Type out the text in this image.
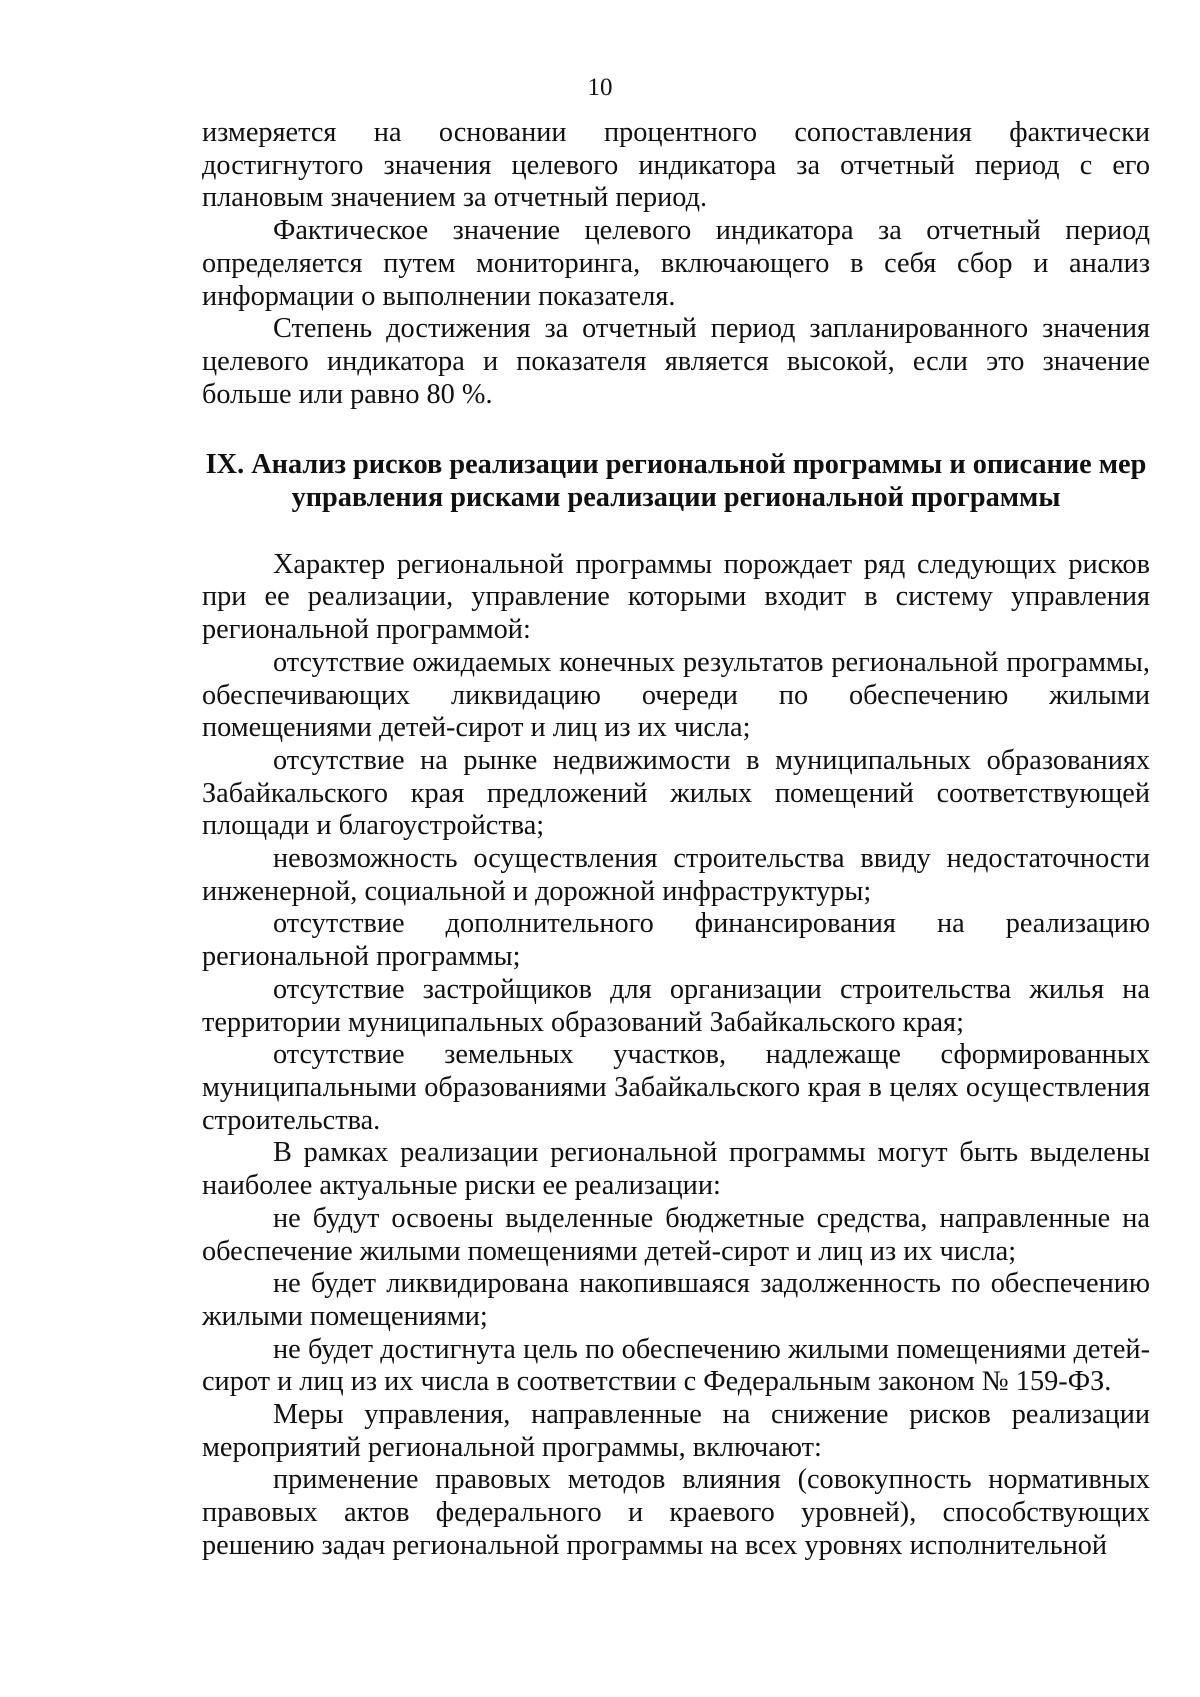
10

измеряется на основании процентного сопоставления фактически достигнутого значения целевого индикатора за отчетный период с его плановым значением за отчетный период.

Фактическое значение целевого индикатора за отчетный период определяется путем мониторинга, включающего в себя сбор и анализ информации о выполнении показателя.

Степень достижения за отчетный период запланированного значения целевого индикатора и показателя является высокой, если это значение больше или равно 80 %.

IX. Анализ рисков реализации региональной программы и описание мер управления рисками реализации региональной программы

Характер региональной программы порождает ряд следующих рисков при ее реализации, управление которыми входит в систему управления региональной программой:

отсутствие ожидаемых конечных результатов региональной программы, обеспечивающих ликвидацию очереди по обеспечению жилыми помещениями детей-сирот и лиц из их числа;

отсутствие на рынке недвижимости в муниципальных образованиях Забайкальского края предложений жилых помещений соответствующей площади и благоустройства;

невозможность осуществления строительства ввиду недостаточности инженерной, социальной и дорожной инфраструктуры;

отсутствие дополнительного финансирования на реализацию региональной программы;

отсутствие застройщиков для организации строительства жилья на территории муниципальных образований Забайкальского края;

отсутствие земельных участков, надлежаще сформированных муниципальными образованиями Забайкальского края в целях осуществления строительства.

В рамках реализации региональной программы могут быть выделены наиболее актуальные риски ее реализации:

не будут освоены выделенные бюджетные средства, направленные на обеспечение жилыми помещениями детей-сирот и лиц из их числа;

не будет ликвидирована накопившаяся задолженность по обеспечению жилыми помещениями;

не будет достигнута цель по обеспечению жилыми помещениями детей-сирот и лиц из их числа в соответствии с Федеральным законом № 159-ФЗ.

Меры управления, направленные на снижение рисков реализации мероприятий региональной программы, включают:

применение правовых методов влияния (совокупность нормативных правовых актов федерального и краевого уровней), способствующих решению задач региональной программы на всех уровнях исполнительной
